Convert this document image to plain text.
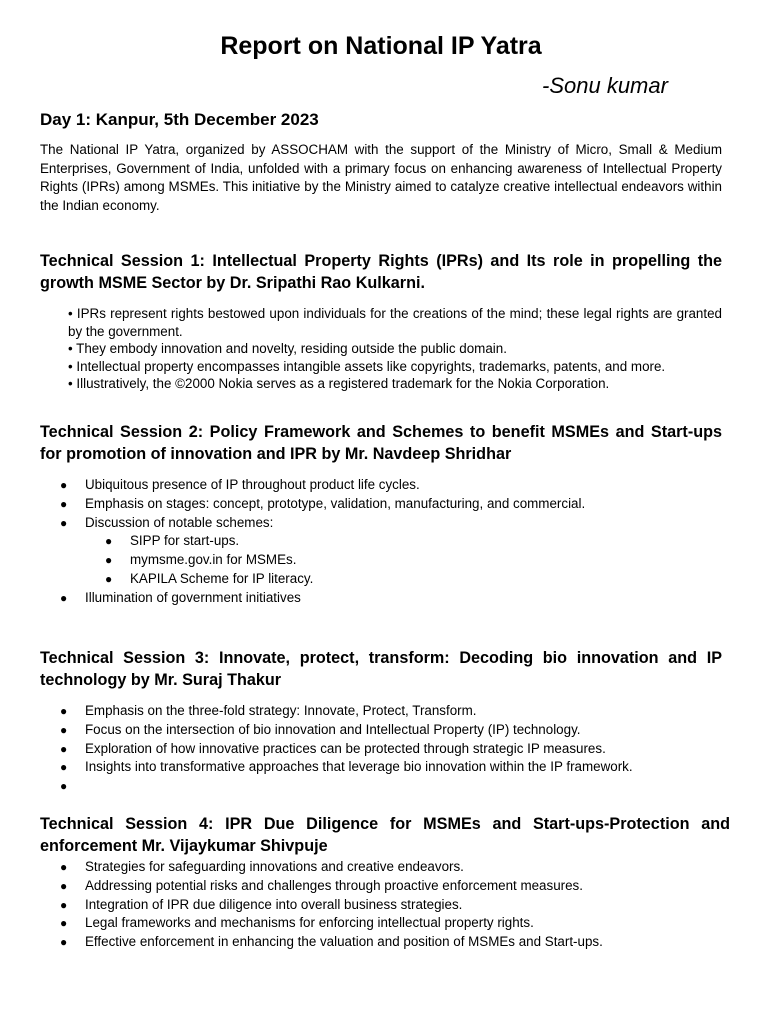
Report on National IP Yatra

-Sonu kumar

Day 1: Kanpur, 5th December 2023

The National IP Yatra, organized by ASSOCHAM with the support of the Ministry of Micro, Small & Medium Enterprises, Government of India, unfolded with a primary focus on enhancing awareness of Intellectual Property Rights (IPRs) among MSMEs. This initiative by the Ministry aimed to catalyze creative intellectual endeavors within the Indian economy.

Technical Session 1: Intellectual Property Rights (IPRs) and Its role in propelling the growth MSME Sector by Dr. Sripathi Rao Kulkarni.
• IPRs represent rights bestowed upon individuals for the creations of the mind; these legal rights are granted by the government.
• They embody innovation and novelty, residing outside the public domain.
• Intellectual property encompasses intangible assets like copyrights, trademarks, patents, and more.
• Illustratively, the ©2000 Nokia serves as a registered trademark for the Nokia Corporation.
Technical Session 2: Policy Framework and Schemes to benefit MSMEs and Start-ups for promotion of innovation and IPR by Mr. Navdeep Shridhar
● Ubiquitous presence of IP throughout product life cycles.
● Emphasis on stages: concept, prototype, validation, manufacturing, and commercial.
● Discussion of notable schemes:
● SIPP for start-ups.
● mymsme.gov.in for MSMEs.
● KAPILA Scheme for IP literacy.
● Illumination of government initiatives
Technical Session 3: Innovate, protect, transform: Decoding bio innovation and IP technology by Mr. Suraj Thakur
● Emphasis on the three-fold strategy: Innovate, Protect, Transform.
● Focus on the intersection of bio innovation and Intellectual Property (IP) technology.
● Exploration of how innovative practices can be protected through strategic IP measures.
● Insights into transformative approaches that leverage bio innovation within the IP framework.
●

Technical Session 4: IPR Due Diligence for MSMEs and Start-ups-Protection and enforcement Mr. Vijaykumar Shivpuje
● Strategies for safeguarding innovations and creative endeavors.
● Addressing potential risks and challenges through proactive enforcement measures.
● Integration of IPR due diligence into overall business strategies.
● Legal frameworks and mechanisms for enforcing intellectual property rights.
● Effective enforcement in enhancing the valuation and position of MSMEs and Start-ups.
